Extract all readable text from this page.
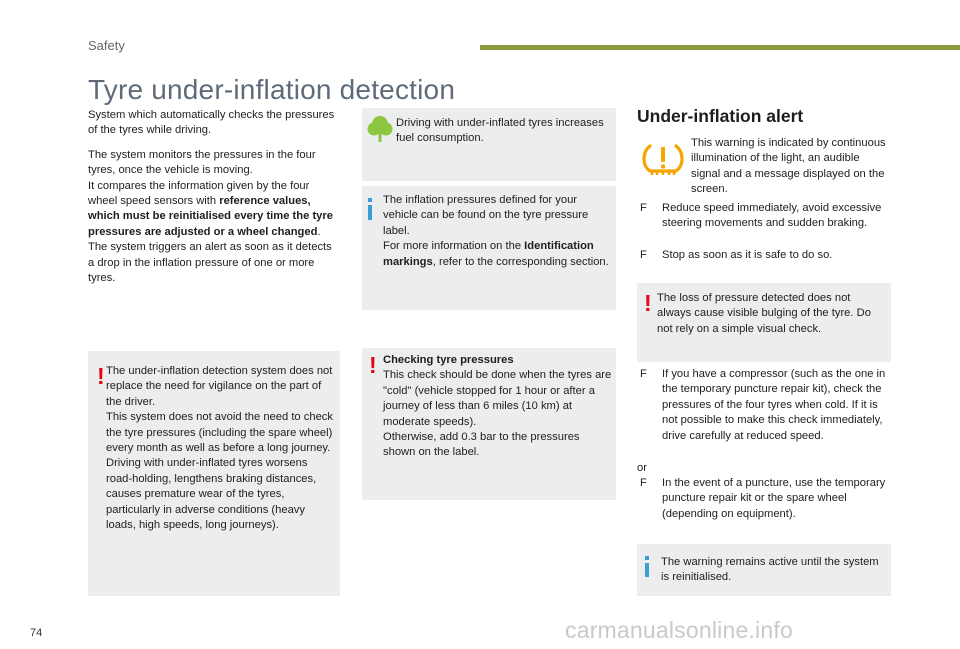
Safety
Tyre under-inflation detection

System which automatically checks the pressures of the tyres while driving.

The system monitors the pressures in the four tyres, once the vehicle is moving.
It compares the information given by the four wheel speed sensors with reference values, which must be reinitialised every time the tyre pressures are adjusted or a wheel changed.
The system triggers an alert as soon as it detects a drop in the inflation pressure of one or more tyres.

! The under-inflation detection system does not replace the need for vigilance on the part of the driver.
This system does not avoid the need to check the tyre pressures (including the spare wheel) every month as well as before a long journey.
Driving with under-inflated tyres worsens road-holding, lengthens braking distances, causes premature wear of the tyres, particularly in adverse conditions (heavy loads, high speeds, long journeys).
Driving with under-inflated tyres increases fuel consumption.
The inflation pressures defined for your vehicle can be found on the tyre pressure label.
For more information on the Identification markings, refer to the corresponding section.
! Checking tyre pressures
This check should be done when the tyres are "cold" (vehicle stopped for 1 hour or after a journey of less than 6 miles (10 km) at moderate speeds).
Otherwise, add 0.3 bar to the pressures shown on the label.
Under-inflation alert
This warning is indicated by continuous illumination of the light, an audible signal and a message displayed on the screen.
F Reduce speed immediately, avoid excessive steering movements and sudden braking.
F Stop as soon as it is safe to do so.
! The loss of pressure detected does not always cause visible bulging of the tyre. Do not rely on a simple visual check.
F If you have a compressor (such as the one in the temporary puncture repair kit), check the pressures of the four tyres when cold. If it is not possible to make this check immediately, drive carefully at reduced speed.
or
F In the event of a puncture, use the temporary puncture repair kit or the spare wheel (depending on equipment).
The warning remains active until the system is reinitialised.
74	carmanualsonline.info
